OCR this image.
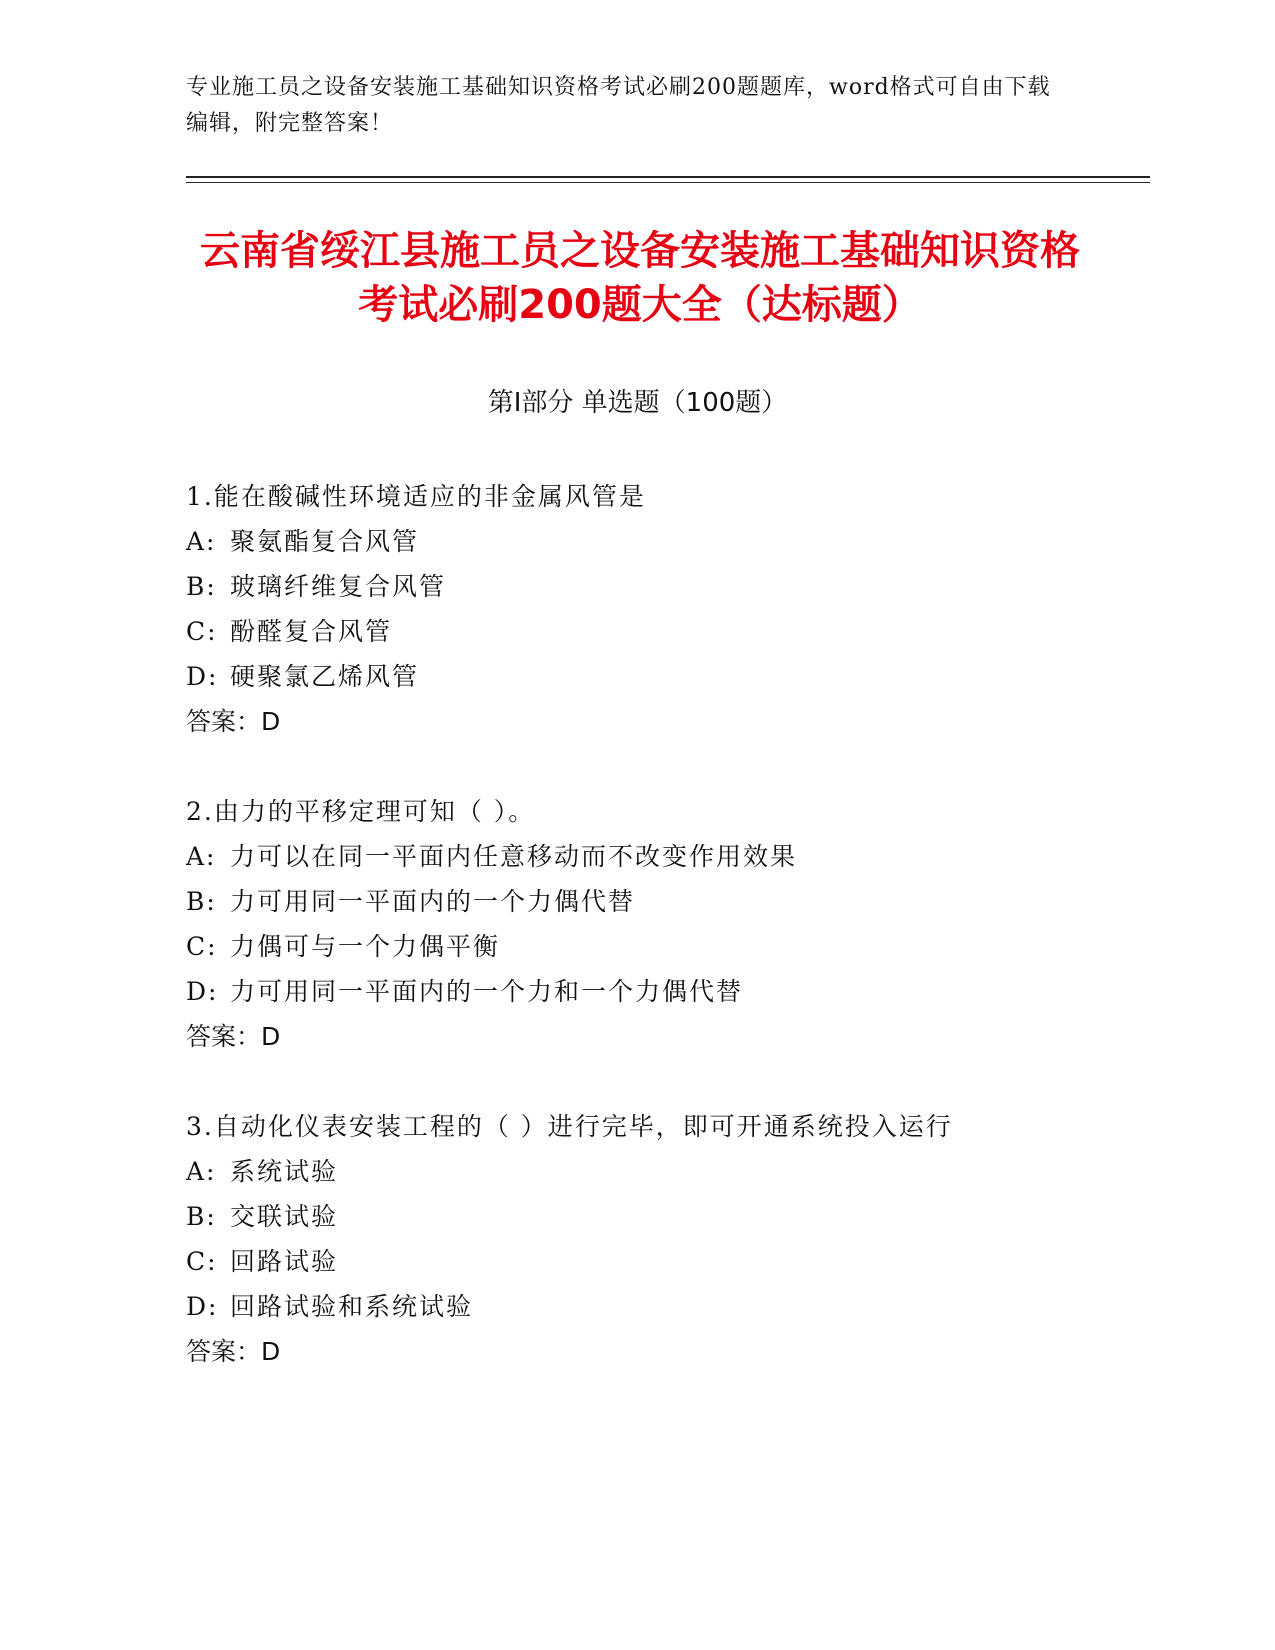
专业施工员之设备安装施工基础知识资格考试必刷200题题库，word格式可自由下载编辑，附完整答案！
云南省绥江县施工员之设备安装施工基础知识资格考试必刷200题大全（达标题）
第Ⅰ部分 单选题（100题）
1.能在酸碱性环境适应的非金属风管是
A: 聚氨酯复合风管
B: 玻璃纤维复合风管
C: 酚醛复合风管
D: 硬聚氯乙烯风管
答案：D
2.由力的平移定理可知（ ）。
A: 力可以在同一平面内任意移动而不改变作用效果
B: 力可用同一平面内的一个力偶代替
C: 力偶可与一个力偶平衡
D: 力可用同一平面内的一个力和一个力偶代替
答案：D
3.自动化仪表安装工程的（ ）进行完毕，即可开通系统投入运行
A: 系统试验
B: 交联试验
C: 回路试验
D: 回路试验和系统试验
答案：D
